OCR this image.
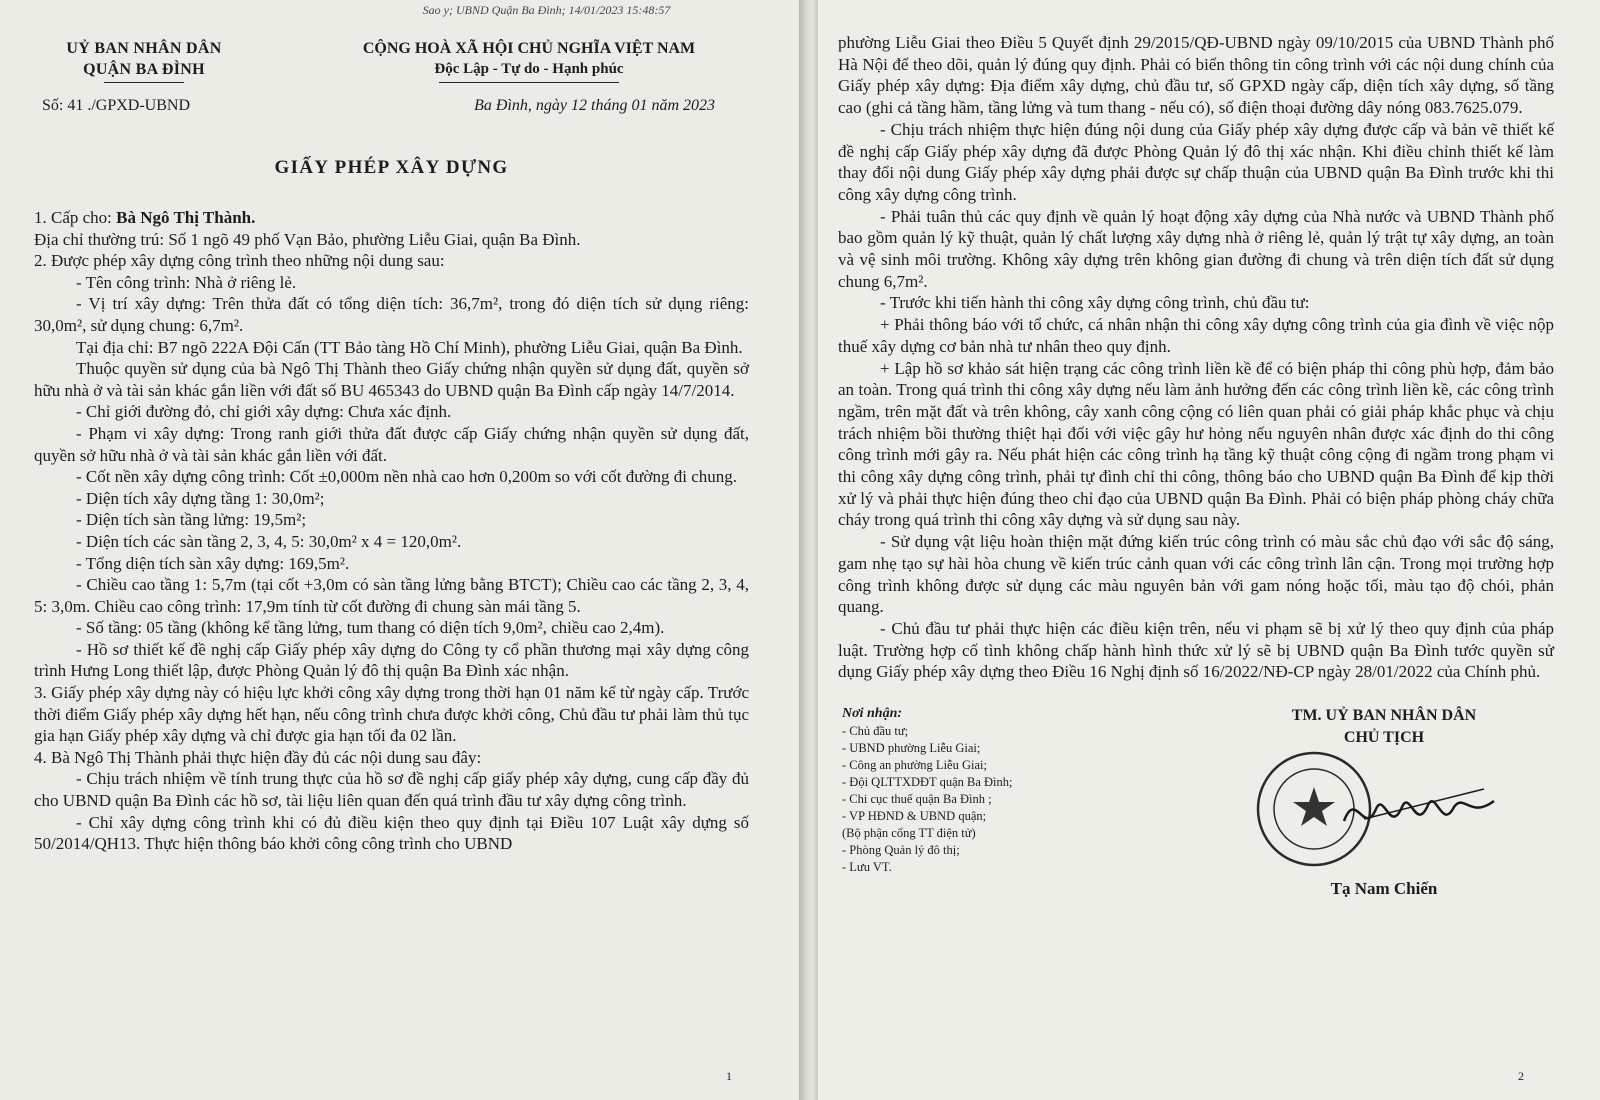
Sao y; UBND Quận Ba Đình; 14/01/2023 15:48:57
UỶ BAN NHÂN DÂN
QUẬN BA ĐÌNH
CỘNG HOÀ XÃ HỘI CHỦ NGHĨA VIỆT NAM
Độc Lập - Tự do - Hạnh phúc
Số: 41 ./GPXD-UBND	Ba Đình, ngày 12 tháng 01 năm 2023
GIẤY PHÉP XÂY DỰNG

1. Cấp cho: Bà Ngô Thị Thành.

Địa chỉ thường trú: Số 1 ngõ 49 phố Vạn Bảo, phường Liễu Giai, quận Ba Đình.

2. Được phép xây dựng công trình theo những nội dung sau:

- Tên công trình: Nhà ở riêng lẻ.

- Vị trí xây dựng: Trên thửa đất có tổng diện tích: 36,7m², trong đó diện tích sử dụng riêng: 30,0m², sử dụng chung: 6,7m².

Tại địa chỉ: B7 ngõ 222A Đội Cấn (TT Bảo tàng Hồ Chí Minh), phường Liễu Giai, quận Ba Đình.

Thuộc quyền sử dụng của bà Ngô Thị Thành theo Giấy chứng nhận quyền sử dụng đất, quyền sở hữu nhà ở và tài sản khác gắn liền với đất số BU 465343 do UBND quận Ba Đình cấp ngày 14/7/2014.

- Chỉ giới đường đỏ, chỉ giới xây dựng: Chưa xác định.

- Phạm vi xây dựng: Trong ranh giới thửa đất được cấp Giấy chứng nhận quyền sử dụng đất, quyền sở hữu nhà ở và tài sản khác gắn liền với đất.

- Cốt nền xây dựng công trình: Cốt ±0,000m nền nhà cao hơn 0,200m so với cốt đường đi chung.

- Diện tích xây dựng tầng 1: 30,0m²;

- Diện tích sàn tầng lửng: 19,5m²;

- Diện tích các sàn tầng 2, 3, 4, 5: 30,0m² x 4 = 120,0m².

- Tổng diện tích sàn xây dựng: 169,5m².

- Chiều cao tầng 1: 5,7m (tại cốt +3,0m có sàn tầng lửng bằng BTCT); Chiều cao các tầng 2, 3, 4, 5: 3,0m. Chiều cao công trình: 17,9m tính từ cốt đường đi chung sàn mái tầng 5.

- Số tầng: 05 tầng (không kể tầng lửng, tum thang có diện tích 9,0m², chiều cao 2,4m).

- Hồ sơ thiết kế đề nghị cấp Giấy phép xây dựng do Công ty cổ phần thương mại xây dựng công trình Hưng Long thiết lập, được Phòng Quản lý đô thị quận Ba Đình xác nhận.

3. Giấy phép xây dựng này có hiệu lực khởi công xây dựng trong thời hạn 01 năm kể từ ngày cấp. Trước thời điểm Giấy phép xây dựng hết hạn, nếu công trình chưa được khởi công, Chủ đầu tư phải làm thủ tục gia hạn Giấy phép xây dựng và chỉ được gia hạn tối đa 02 lần.

4. Bà Ngô Thị Thành phải thực hiện đầy đủ các nội dung sau đây:

- Chịu trách nhiệm về tính trung thực của hồ sơ đề nghị cấp giấy phép xây dựng, cung cấp đầy đủ cho UBND quận Ba Đình các hồ sơ, tài liệu liên quan đến quá trình đầu tư xây dựng công trình.

- Chỉ xây dựng công trình khi có đủ điều kiện theo quy định tại Điều 107 Luật xây dựng số 50/2014/QH13. Thực hiện thông báo khởi công công trình cho UBND

1

phường Liễu Giai theo Điều 5 Quyết định 29/2015/QĐ-UBND ngày 09/10/2015 của UBND Thành phố Hà Nội để theo dõi, quản lý đúng quy định. Phải có biển thông tin công trình với các nội dung chính của Giấy phép xây dựng: Địa điểm xây dựng, chủ đầu tư, số GPXD ngày cấp, diện tích xây dựng, số tầng cao (ghi cả tầng hầm, tầng lửng và tum thang - nếu có), số điện thoại đường dây nóng 083.7625.079.

- Chịu trách nhiệm thực hiện đúng nội dung của Giấy phép xây dựng được cấp và bản vẽ thiết kế đề nghị cấp Giấy phép xây dựng đã được Phòng Quản lý đô thị xác nhận. Khi điều chỉnh thiết kế làm thay đổi nội dung Giấy phép xây dựng phải được sự chấp thuận của UBND quận Ba Đình trước khi thi công xây dựng công trình.

- Phải tuân thủ các quy định về quản lý hoạt động xây dựng của Nhà nước và UBND Thành phố bao gồm quản lý kỹ thuật, quản lý chất lượng xây dựng nhà ở riêng lẻ, quản lý trật tự xây dựng, an toàn và vệ sinh môi trường. Không xây dựng trên không gian đường đi chung và trên diện tích đất sử dụng chung 6,7m².

- Trước khi tiến hành thi công xây dựng công trình, chủ đầu tư:

+ Phải thông báo với tổ chức, cá nhân nhận thi công xây dựng công trình của gia đình về việc nộp thuế xây dựng cơ bản nhà tư nhân theo quy định.

+ Lập hồ sơ khảo sát hiện trạng các công trình liền kề để có biện pháp thi công phù hợp, đảm bảo an toàn. Trong quá trình thi công xây dựng nếu làm ảnh hưởng đến các công trình liền kề, các công trình ngầm, trên mặt đất và trên không, cây xanh công cộng có liên quan phải có giải pháp khắc phục và chịu trách nhiệm bồi thường thiệt hại đối với việc gây hư hỏng nếu nguyên nhân được xác định do thi công công trình mới gây ra. Nếu phát hiện các công trình hạ tầng kỹ thuật công cộng đi ngầm trong phạm vi thi công xây dựng công trình, phải tự đình chỉ thi công, thông báo cho UBND quận Ba Đình để kịp thời xử lý và phải thực hiện đúng theo chỉ đạo của UBND quận Ba Đình. Phải có biện pháp phòng cháy chữa cháy trong quá trình thi công xây dựng và sử dụng sau này.

- Sử dụng vật liệu hoàn thiện mặt đứng kiến trúc công trình có màu sắc chủ đạo với sắc độ sáng, gam nhẹ tạo sự hài hòa chung về kiến trúc cảnh quan với các công trình lân cận. Trong mọi trường hợp công trình không được sử dụng các màu nguyên bản với gam nóng hoặc tối, màu tạo độ chói, phản quang.

- Chủ đầu tư phải thực hiện các điều kiện trên, nếu vi phạm sẽ bị xử lý theo quy định của pháp luật. Trường hợp cố tình không chấp hành hình thức xử lý sẽ bị UBND quận Ba Đình tước quyền sử dụng Giấy phép xây dựng theo Điều 16 Nghị định số 16/2022/NĐ-CP ngày 28/01/2022 của Chính phủ.

Nơi nhận:
- Chủ đầu tư;
- UBND phường Liễu Giai;
- Công an phường Liễu Giai;
- Đội QLTTXDĐT quận Ba Đình;
- Chi cục thuế quận Ba Đình ;
- VP HĐND & UBND quận;
(Bộ phận cổng TT điện tử)
- Phòng Quản lý đô thị;
- Lưu VT.
TM. UỶ BAN NHÂN DÂN
CHỦ TỊCH
Tạ Nam Chiến
2
